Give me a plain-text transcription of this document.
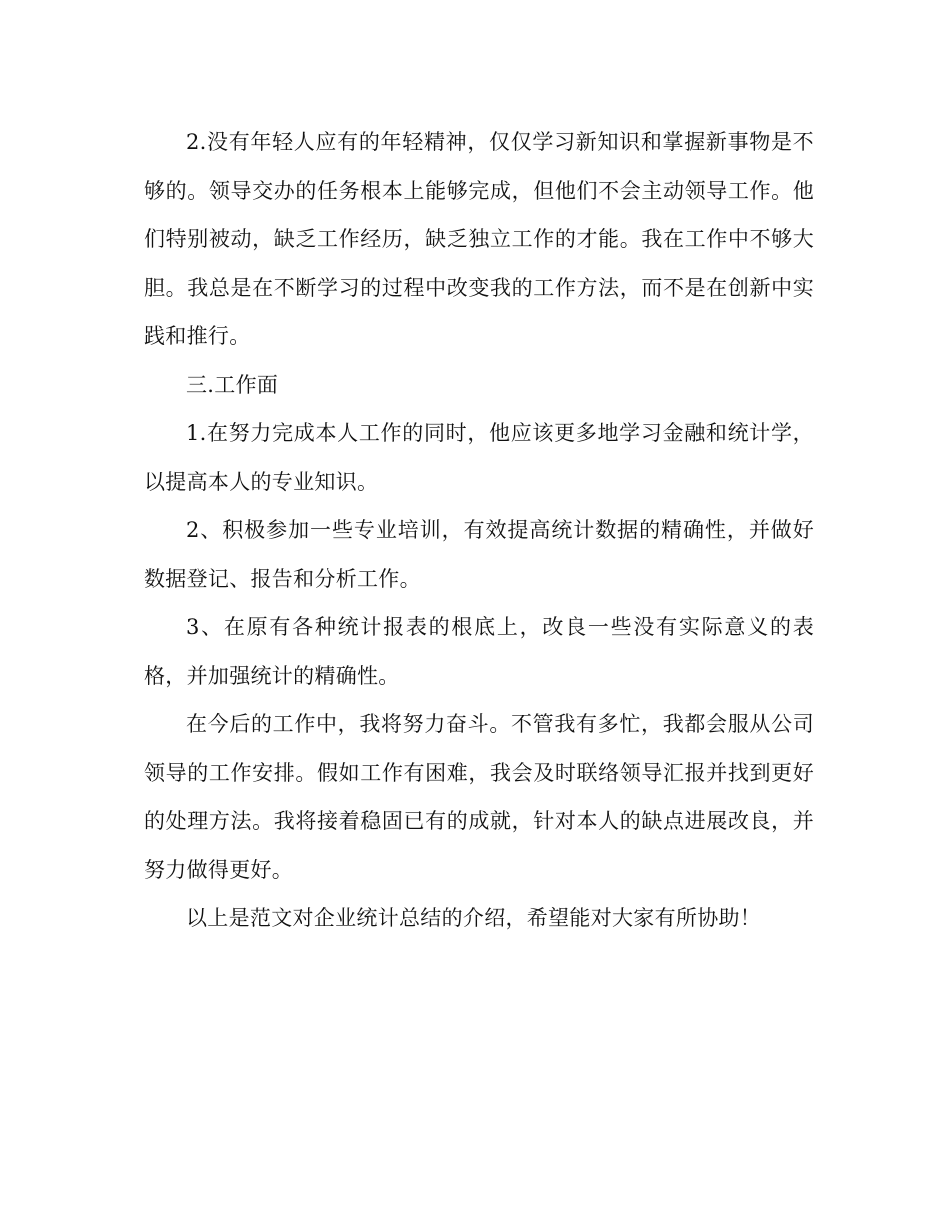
2.没有年轻人应有的年轻精神，仅仅学习新知识和掌握新事物是不够的。领导交办的任务根本上能够完成，但他们不会主动领导工作。他们特别被动，缺乏工作经历，缺乏独立工作的才能。我在工作中不够大胆。我总是在不断学习的过程中改变我的工作方法，而不是在创新中实践和推行。

三.工作面

1.在努力完成本人工作的同时，他应该更多地学习金融和统计学，以提高本人的专业知识。

2、积极参加一些专业培训，有效提高统计数据的精确性，并做好数据登记、报告和分析工作。

3、在原有各种统计报表的根底上，改良一些没有实际意义的表格，并加强统计的精确性。

在今后的工作中，我将努力奋斗。不管我有多忙，我都会服从公司领导的工作安排。假如工作有困难，我会及时联络领导汇报并找到更好的处理方法。我将接着稳固已有的成就，针对本人的缺点进展改良，并努力做得更好。

以上是范文对企业统计总结的介绍，希望能对大家有所协助！
